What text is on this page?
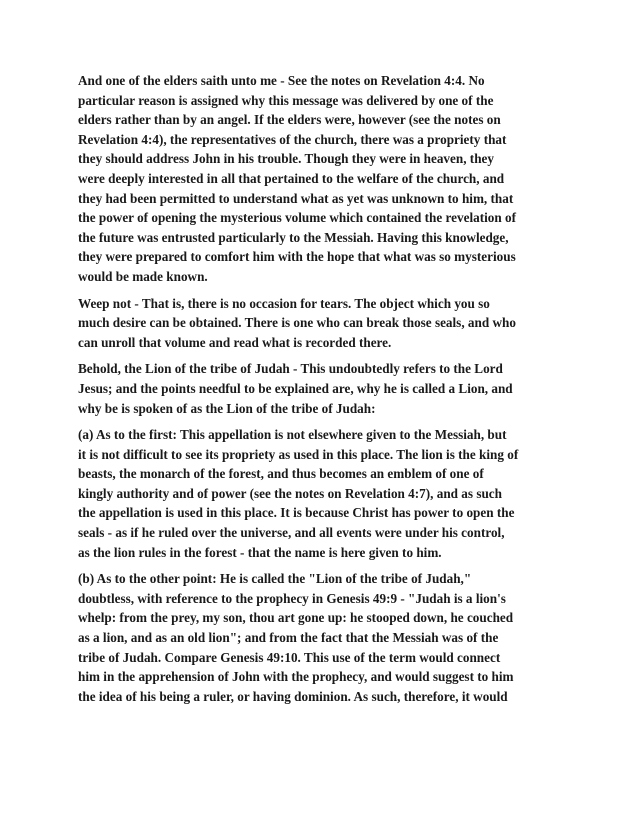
And one of the elders saith unto me - See the notes on Revelation 4:4. No
particular reason is assigned why this message was delivered by one of the
elders rather than by an angel. If the elders were, however (see the notes on
Revelation 4:4), the representatives of the church, there was a propriety that
they should address John in his trouble. Though they were in heaven, they
were deeply interested in all that pertained to the welfare of the church, and
they had been permitted to understand what as yet was unknown to him, that
the power of opening the mysterious volume which contained the revelation of
the future was entrusted particularly to the Messiah. Having this knowledge,
they were prepared to comfort him with the hope that what was so mysterious
would be made known.

Weep not - That is, there is no occasion for tears. The object which you so
much desire can be obtained. There is one who can break those seals, and who
can unroll that volume and read what is recorded there.

Behold, the Lion of the tribe of Judah - This undoubtedly refers to the Lord
Jesus; and the points needful to be explained are, why he is called a Lion, and
why be is spoken of as the Lion of the tribe of Judah:

(a) As to the first: This appellation is not elsewhere given to the Messiah, but
it is not difficult to see its propriety as used in this place. The lion is the king of
beasts, the monarch of the forest, and thus becomes an emblem of one of
kingly authority and of power (see the notes on Revelation 4:7), and as such
the appellation is used in this place. It is because Christ has power to open the
seals - as if he ruled over the universe, and all events were under his control,
as the lion rules in the forest - that the name is here given to him.

(b) As to the other point: He is called the "Lion of the tribe of Judah,"
doubtless, with reference to the prophecy in Genesis 49:9 - "Judah is a lion's
whelp: from the prey, my son, thou art gone up: he stooped down, he couched
as a lion, and as an old lion"; and from the fact that the Messiah was of the
tribe of Judah. Compare Genesis 49:10. This use of the term would connect
him in the apprehension of John with the prophecy, and would suggest to him
the idea of his being a ruler, or having dominion. As such, therefore, it would
